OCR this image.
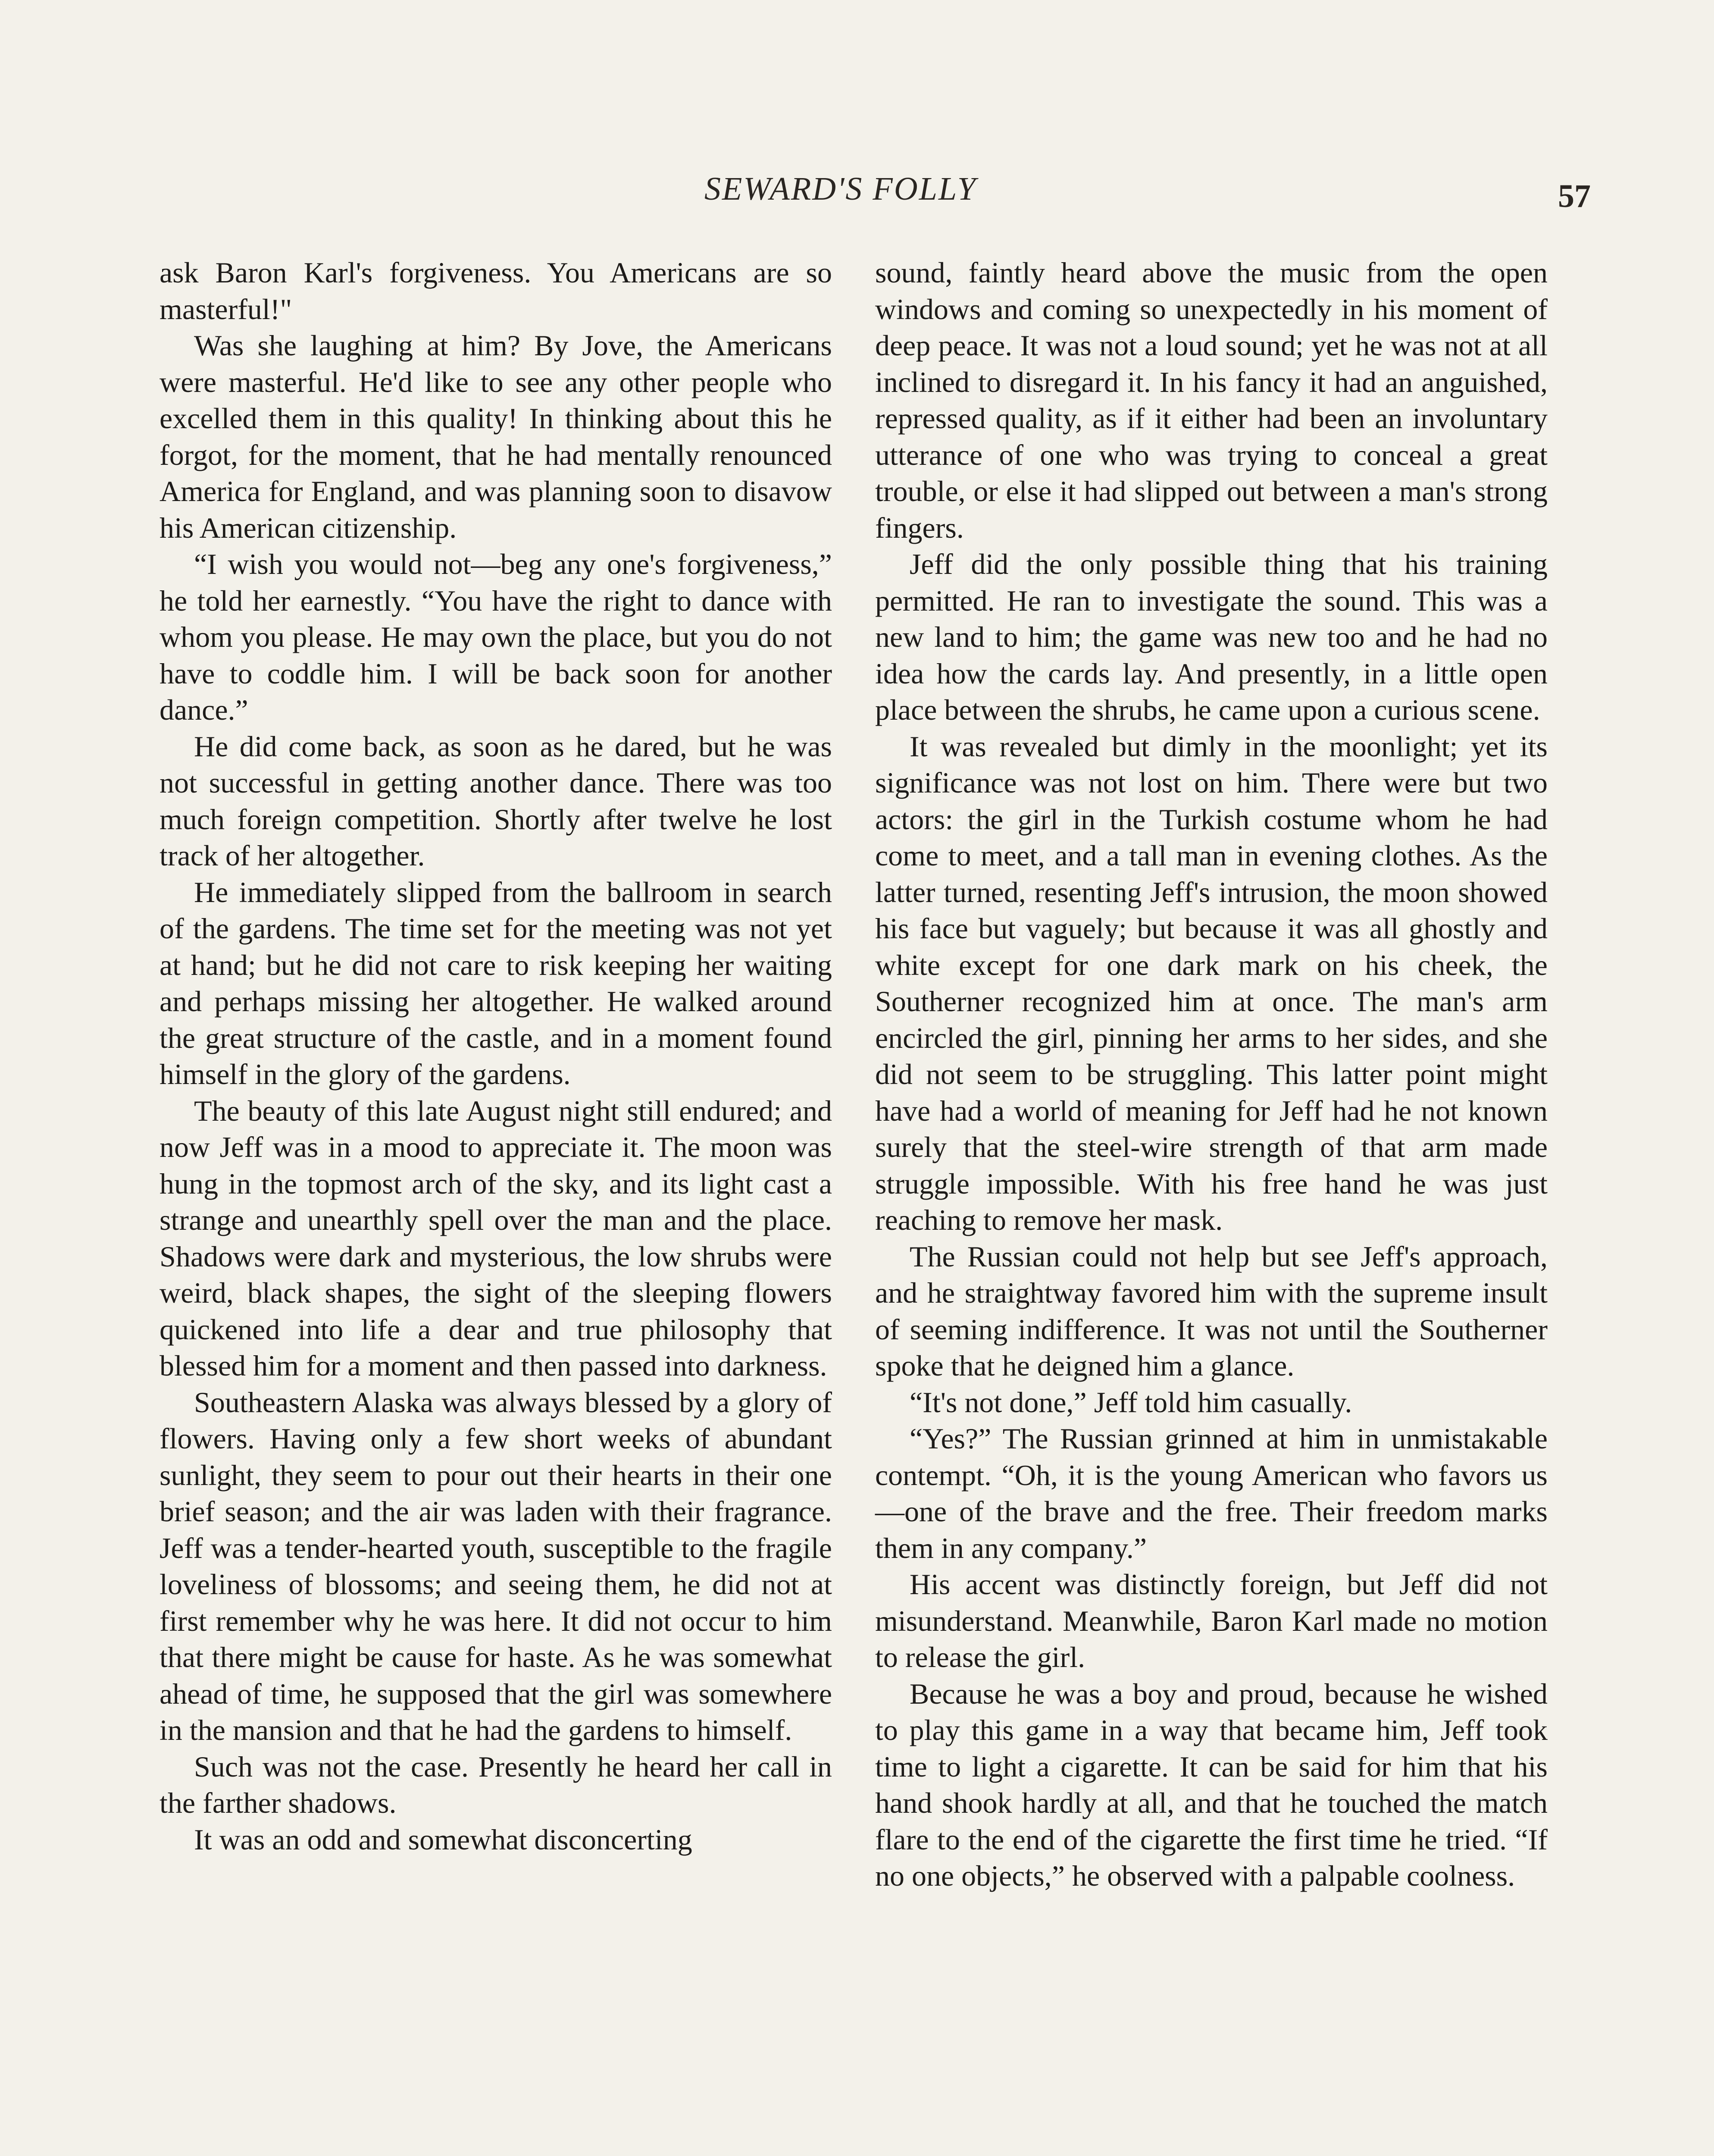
SEWARD'S FOLLY	57

ask Baron Karl's forgiveness. You Americans are so masterful!"

Was she laughing at him? By Jove, the Americans were masterful. He'd like to see any other people who excelled them in this quality! In thinking about this he forgot, for the moment, that he had mentally renounced America for England, and was planning soon to disavow his American citizenship.

“I wish you would not—beg any one's forgiveness,” he told her earnestly. “You have the right to dance with whom you please. He may own the place, but you do not have to coddle him. I will be back soon for another dance.”

He did come back, as soon as he dared, but he was not successful in getting another dance. There was too much foreign competition. Shortly after twelve he lost track of her altogether.

He immediately slipped from the ballroom in search of the gardens. The time set for the meeting was not yet at hand; but he did not care to risk keeping her waiting and perhaps missing her altogether. He walked around the great structure of the castle, and in a moment found himself in the glory of the gardens.

The beauty of this late August night still endured; and now Jeff was in a mood to appreciate it. The moon was hung in the topmost arch of the sky, and its light cast a strange and unearthly spell over the man and the place. Shadows were dark and mysterious, the low shrubs were weird, black shapes, the sight of the sleeping flowers quickened into life a dear and true philosophy that blessed him for a moment and then passed into darkness.

Southeastern Alaska was always blessed by a glory of flowers. Having only a few short weeks of abundant sunlight, they seem to pour out their hearts in their one brief season; and the air was laden with their fragrance. Jeff was a tender-hearted youth, susceptible to the fragile loveliness of blossoms; and seeing them, he did not at first remember why he was here. It did not occur to him that there might be cause for haste. As he was somewhat ahead of time, he supposed that the girl was somewhere in the mansion and that he had the gardens to himself.

Such was not the case. Presently he heard her call in the farther shadows.

It was an odd and somewhat disconcerting

sound, faintly heard above the music from the open windows and coming so unexpectedly in his moment of deep peace. It was not a loud sound; yet he was not at all inclined to disregard it. In his fancy it had an anguished, repressed quality, as if it either had been an involuntary utterance of one who was trying to conceal a great trouble, or else it had slipped out between a man's strong fingers.

Jeff did the only possible thing that his training permitted. He ran to investigate the sound. This was a new land to him; the game was new too and he had no idea how the cards lay. And presently, in a little open place between the shrubs, he came upon a curious scene.

It was revealed but dimly in the moonlight; yet its significance was not lost on him. There were but two actors: the girl in the Turkish costume whom he had come to meet, and a tall man in evening clothes. As the latter turned, resenting Jeff's intrusion, the moon showed his face but vaguely; but because it was all ghostly and white except for one dark mark on his cheek, the Southerner recognized him at once. The man's arm encircled the girl, pinning her arms to her sides, and she did not seem to be struggling. This latter point might have had a world of meaning for Jeff had he not known surely that the steel-wire strength of that arm made struggle impossible. With his free hand he was just reaching to remove her mask.

The Russian could not help but see Jeff's approach, and he straightway favored him with the supreme insult of seeming indifference. It was not until the Southerner spoke that he deigned him a glance.

“It's not done,” Jeff told him casually.

“Yes?” The Russian grinned at him in unmistakable contempt. “Oh, it is the young American who favors us—one of the brave and the free. Their freedom marks them in any company.”

His accent was distinctly foreign, but Jeff did not misunderstand. Meanwhile, Baron Karl made no motion to release the girl.

Because he was a boy and proud, because he wished to play this game in a way that became him, Jeff took time to light a cigarette. It can be said for him that his hand shook hardly at all, and that he touched the match flare to the end of the cigarette the first time he tried. “If no one objects,” he observed with a palpable coolness.
